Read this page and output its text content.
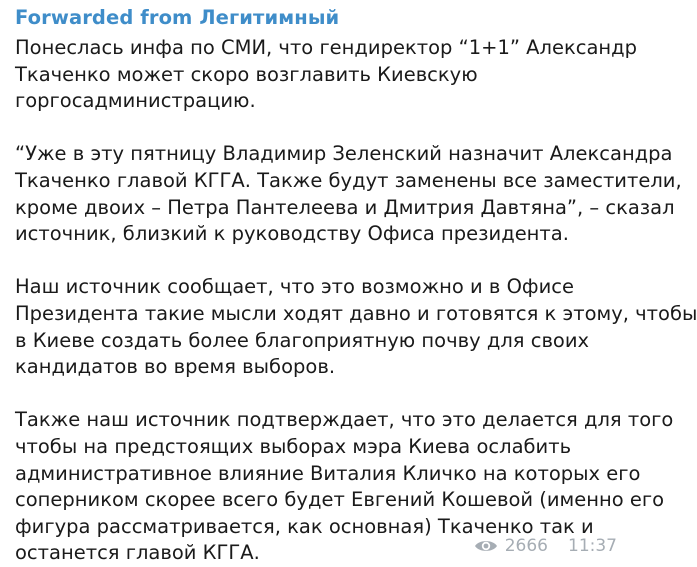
Forwarded from Легитимный

Понеслась инфа по СМИ, что гендиректор “1+1” Александр
Ткаченко может скоро возглавить Киевскую
горгосадминистрацию.

“Уже в эту пятницу Владимир Зеленский назначит Александра
Ткаченко главой КГГА. Также будут заменены все заместители,
кроме двоих – Петра Пантелеева и Дмитрия Давтяна”, – сказал
источник, близкий к руководству Офиса президента.

Наш источник сообщает, что это возможно и в Офисе
Президента такие мысли ходят давно и готовятся к этому, чтобы
в Киеве создать более благоприятную почву для своих
кандидатов во время выборов.

Также наш источник подтверждает, что это делается для того
чтобы на предстоящих выборах мэра Киева ослабить
административное влияние Виталия Кличко на которых его
соперником скорее всего будет Евгений Кошевой (именно его
фигура рассматривается, как основная) Ткаченко так и
останется главой КГГА.	2666 11:37
